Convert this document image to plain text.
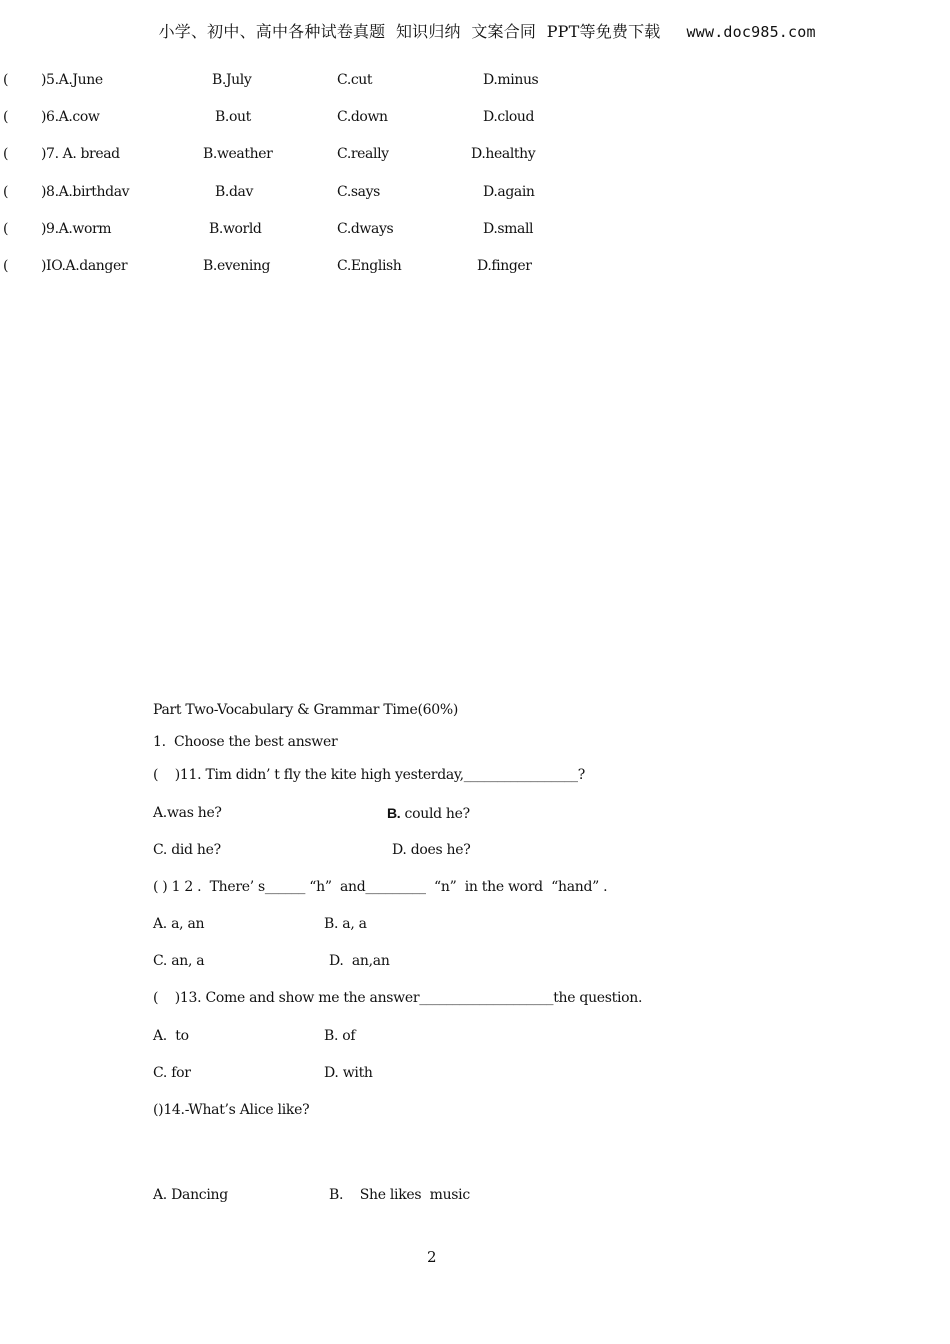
小学、初中、高中各种试卷真题  知识归纳  文案合同  PPT等免费下载 www.doc985.com

( )5.A.June	B.July	C.cut	D.minus
( )6.A.cow	B.out	C.down	D.cloud
( )7. A. bread	B.weather	C.really	D.healthy
( )8.A.birthdav	B.dav	C.says	D.again
( )9.A.worm	B.world	C.dways	D.small
( )IO.A.danger	B.evening	C.English	D.finger
Part Two-Vocabulary & Grammar Time(60%)
1.  Choose the best answer
(    )11. Tim didn’ t fly the kite high yesterday,_________________?
A.was he?	B. could he?
C. did he?	D. does he?
( ) 1 2 .  There’ s______ “h”  and_________  “n”  in the word  “hand” .
A. a, an	B. a, a
C. an, a	D.  an,an
(    )13. Come and show me the answer____________________the question.
A.  to	B. of
C. for	D. with
()14.-What’s Alice like?
A. Dancing	B.    She likes  music
2
